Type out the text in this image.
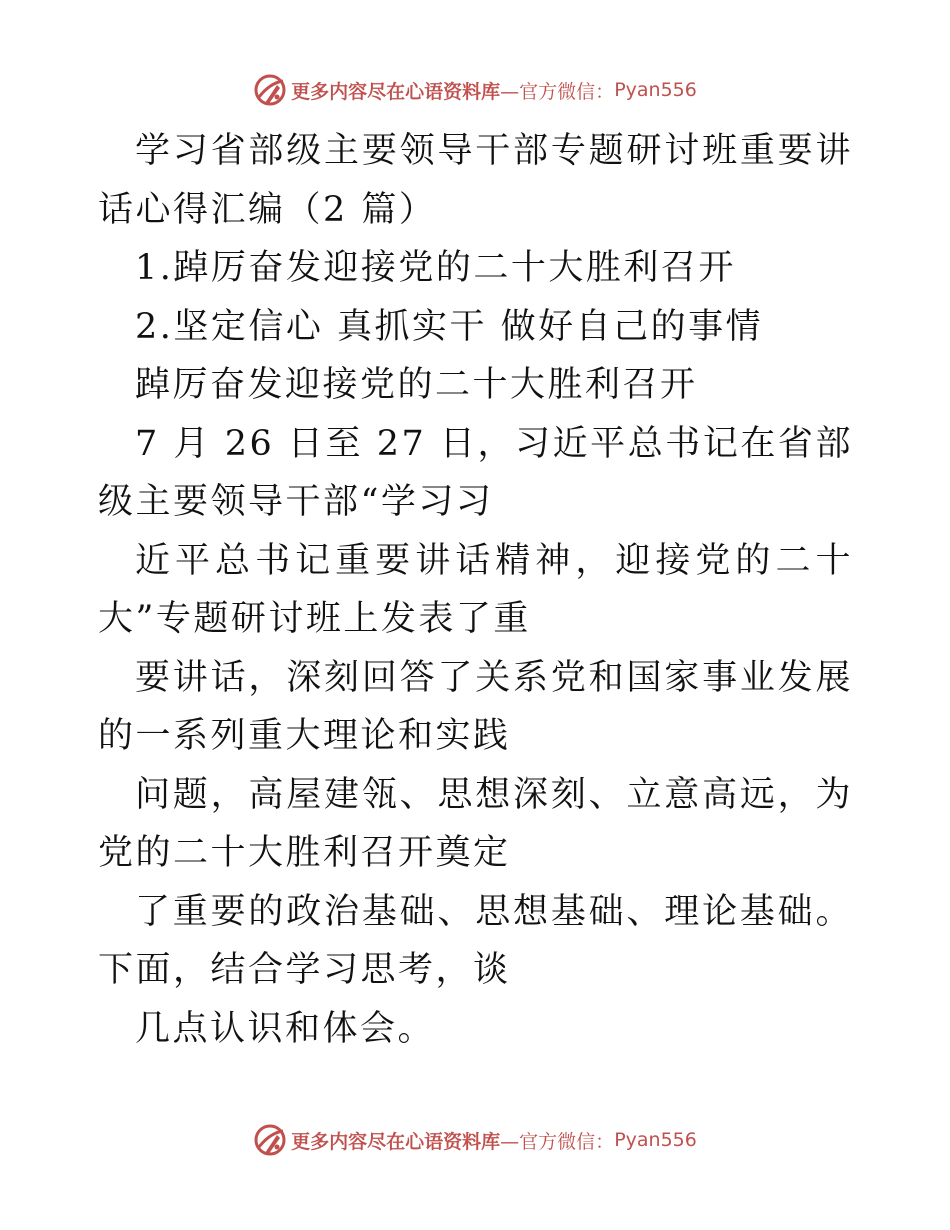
更多内容尽在心语资料库 —官方微信： Pyan556

学习省部级主要领导干部专题研讨班重要讲话心得汇编（2 篇）

1.踔厉奋发迎接党的二十大胜利召开

2.坚定信心 真抓实干 做好自己的事情

踔厉奋发迎接党的二十大胜利召开

7 月 26 日至 27 日，习近平总书记在省部级主要领导干部“学习习

近平总书记重要讲话精神，迎接党的二十大”专题研讨班上发表了重

要讲话，深刻回答了关系党和国家事业发展的一系列重大理论和实践

问题，高屋建瓴、思想深刻、立意高远，为党的二十大胜利召开奠定

了重要的政治基础、思想基础、理论基础。下面，结合学习思考，谈

几点认识和体会。

更多内容尽在心语资料库 —官方微信： Pyan556
